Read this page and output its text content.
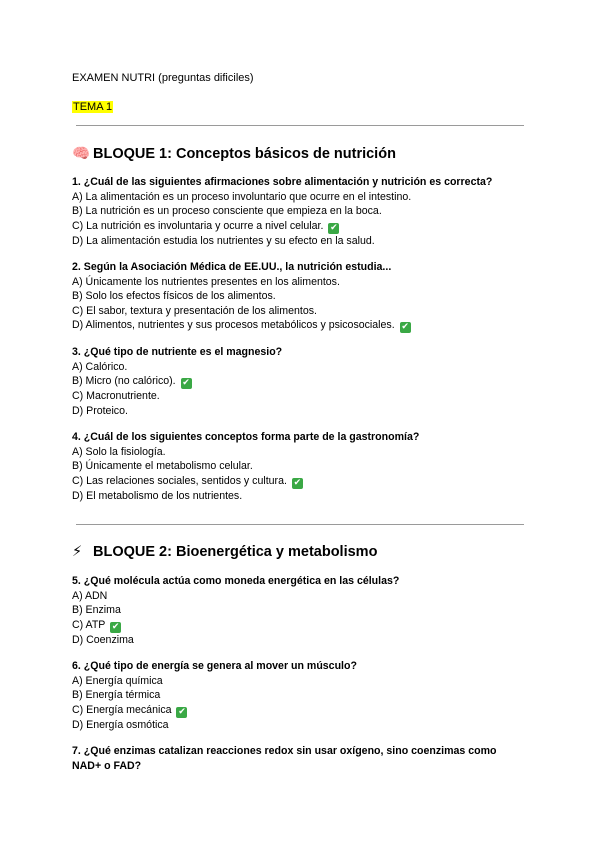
EXAMEN NUTRI (preguntas dificiles)
TEMA 1
🧠 BLOQUE 1: Conceptos básicos de nutrición
1. ¿Cuál de las siguientes afirmaciones sobre alimentación y nutrición es correcta?
A) La alimentación es un proceso involuntario que ocurre en el intestino.
B) La nutrición es un proceso consciente que empieza en la boca.
C) La nutrición es involuntaria y ocurre a nivel celular. ✔
D) La alimentación estudia los nutrientes y su efecto en la salud.
2. Según la Asociación Médica de EE.UU., la nutrición estudia...
A) Únicamente los nutrientes presentes en los alimentos.
B) Solo los efectos físicos de los alimentos.
C) El sabor, textura y presentación de los alimentos.
D) Alimentos, nutrientes y sus procesos metabólicos y psicosociales. ✔
3. ¿Qué tipo de nutriente es el magnesio?
A) Calórico.
B) Micro (no calórico). ✔
C) Macronutriente.
D) Proteico.
4. ¿Cuál de los siguientes conceptos forma parte de la gastronomía?
A) Solo la fisiología.
B) Únicamente el metabolismo celular.
C) Las relaciones sociales, sentidos y cultura. ✔
D) El metabolismo de los nutrientes.
⚡ BLOQUE 2: Bioenergética y metabolismo
5. ¿Qué molécula actúa como moneda energética en las células?
A) ADN
B) Enzima
C) ATP ✔
D) Coenzima
6. ¿Qué tipo de energía se genera al mover un músculo?
A) Energía química
B) Energía térmica
C) Energía mecánica ✔
D) Energía osmótica
7. ¿Qué enzimas catalizan reacciones redox sin usar oxígeno, sino coenzimas como NAD+ o FAD?
